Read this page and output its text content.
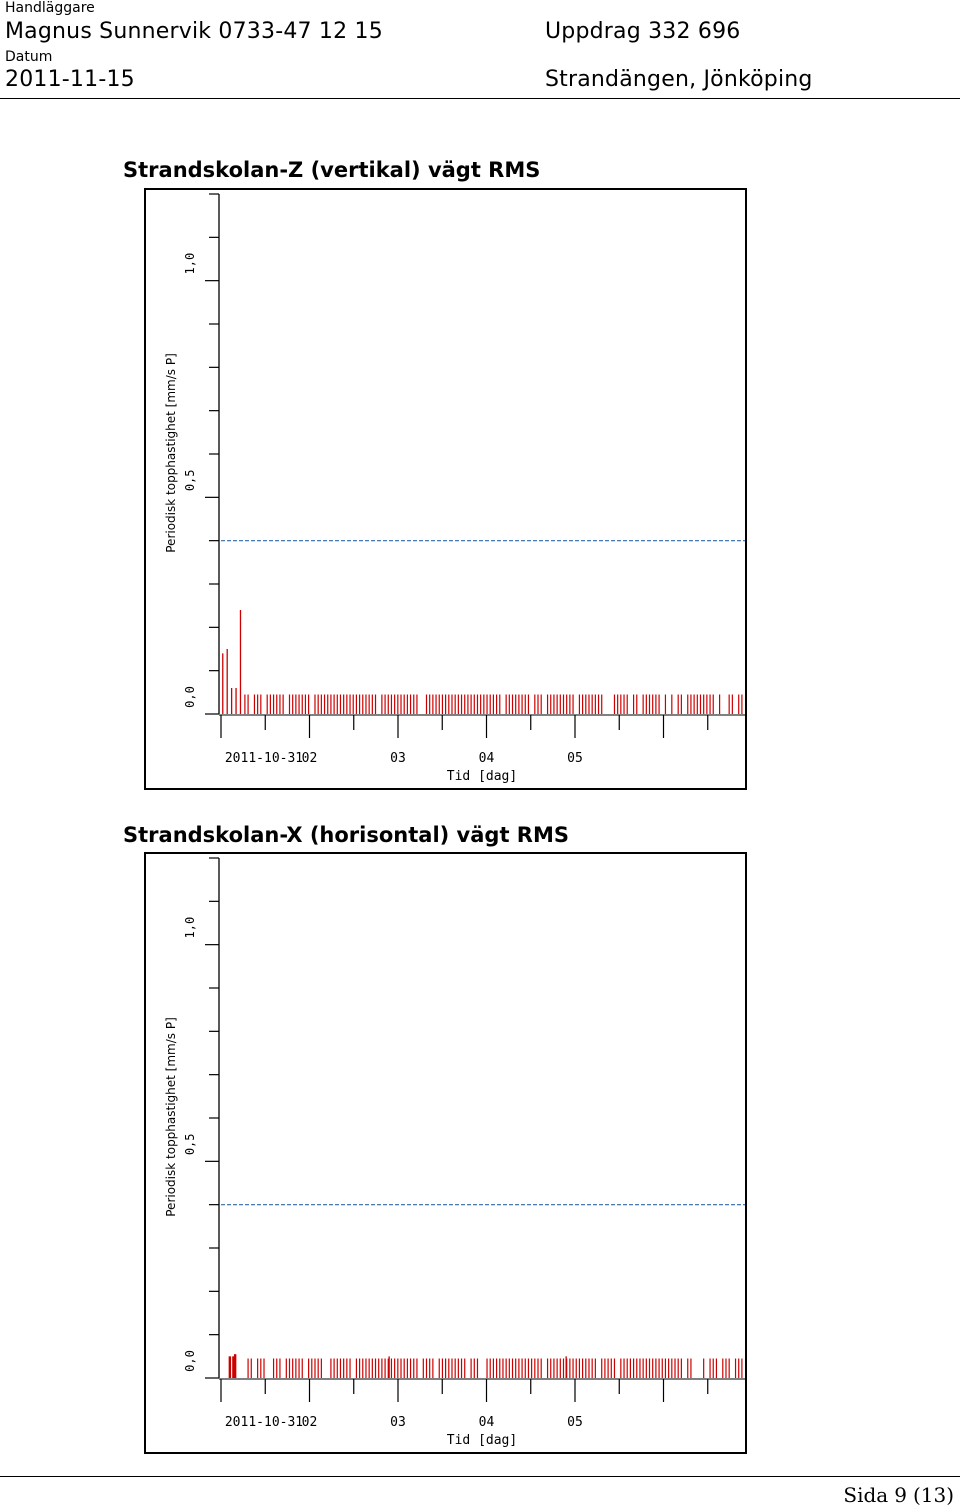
Handläggare
Magnus Sunnervik 0733-47 12 15
Datum
2011-11-15
Uppdrag 332 696
Strandängen, Jönköping
Strandskolan-Z (vertikal) vägt RMS
0,0
0,5
1,0
Periodisk topphastighet [mm/s P]
2011-10-31
02	03	04	05
Tid [dag]
Strandskolan-X (horisontal) vägt RMS
0,0
0,5
1,0
Periodisk topphastighet [mm/s P]
2011-10-31
02	03	04	05
Tid [dag]
Sida 9 (13)
